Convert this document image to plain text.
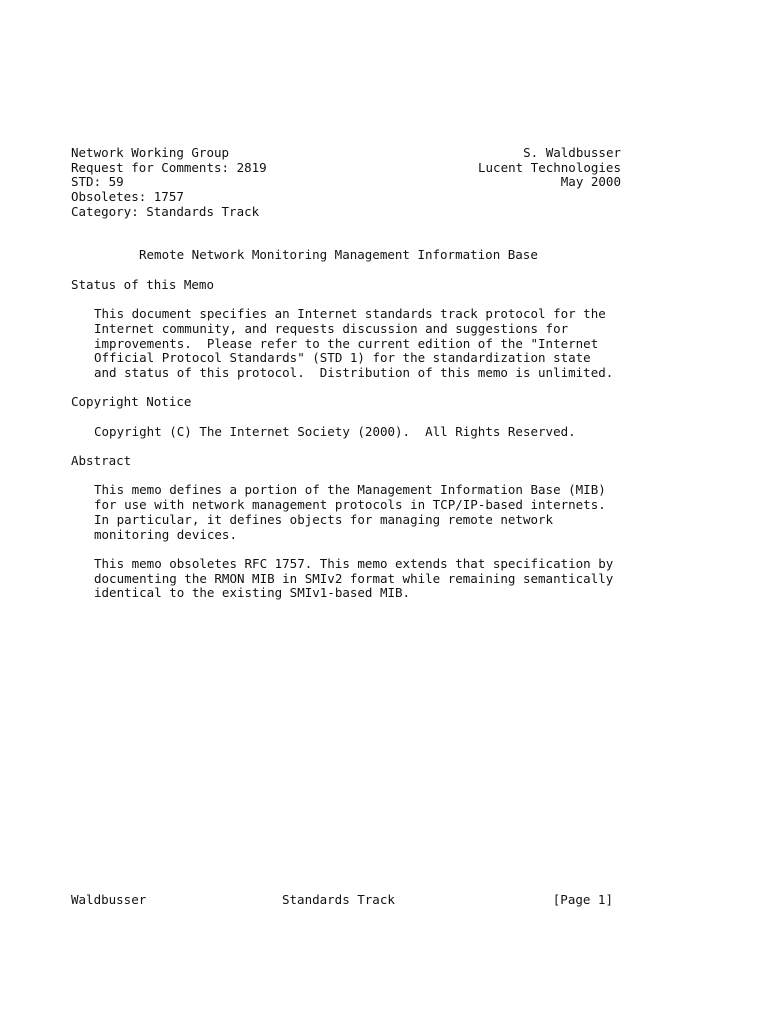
Network Working Group
Request for Comments: 2819
STD: 59
Obsoletes: 1757
Category: Standards Track
S. Waldbusser
Lucent Technologies
May 2000
Remote Network Monitoring Management Information Base
Status of this Memo
This document specifies an Internet standards track protocol for the
Internet community, and requests discussion and suggestions for
improvements.  Please refer to the current edition of the "Internet
Official Protocol Standards" (STD 1) for the standardization state
and status of this protocol.  Distribution of this memo is unlimited.
Copyright Notice
Copyright (C) The Internet Society (2000).  All Rights Reserved.
Abstract
This memo defines a portion of the Management Information Base (MIB)
for use with network management protocols in TCP/IP-based internets.
In particular, it defines objects for managing remote network
monitoring devices.
This memo obsoletes RFC 1757. This memo extends that specification by
documenting the RMON MIB in SMIv2 format while remaining semantically
identical to the existing SMIv1-based MIB.
Waldbusser	Standards Track	[Page 1]
